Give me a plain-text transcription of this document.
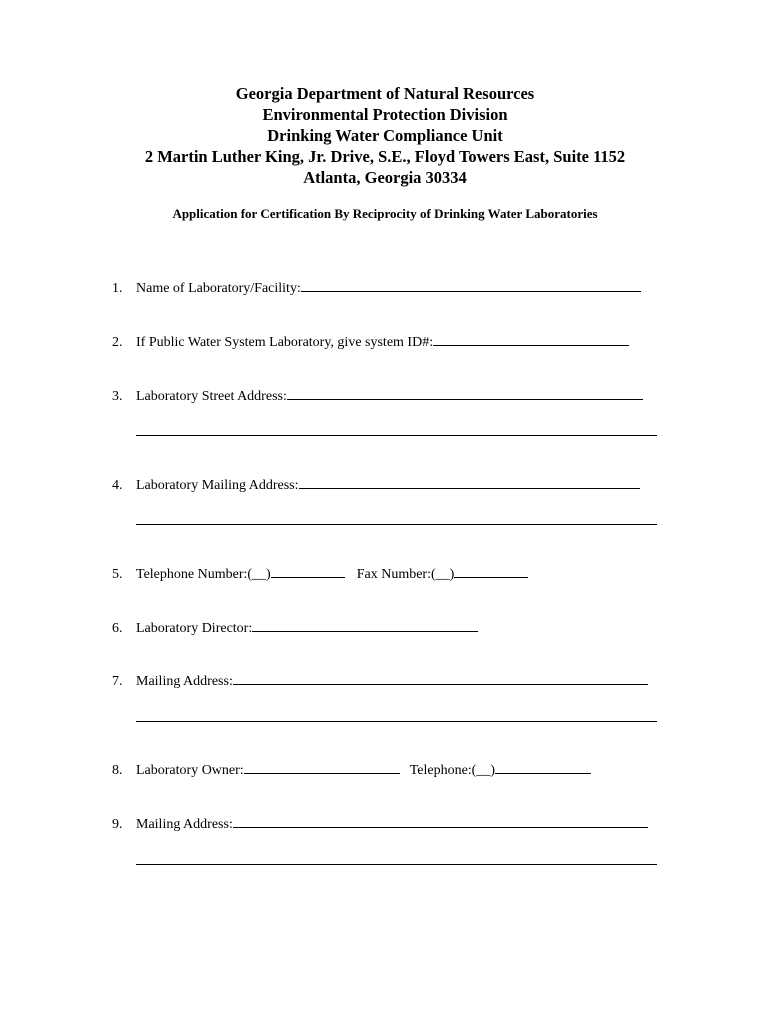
Georgia Department of Natural Resources
Environmental Protection Division
Drinking Water Compliance Unit
2 Martin Luther King, Jr. Drive, S.E., Floyd Towers East, Suite 1152
Atlanta, Georgia 30334
Application for Certification By Reciprocity of Drinking Water Laboratories
1. Name of Laboratory/Facility:
2. If Public Water System Laboratory, give system ID#:
3. Laboratory Street Address:
4. Laboratory Mailing Address:
5. Telephone Number:(__)	Fax Number:(__)
6. Laboratory Director:
7. Mailing Address:
8. Laboratory Owner:	Telephone:(__)
9. Mailing Address:
